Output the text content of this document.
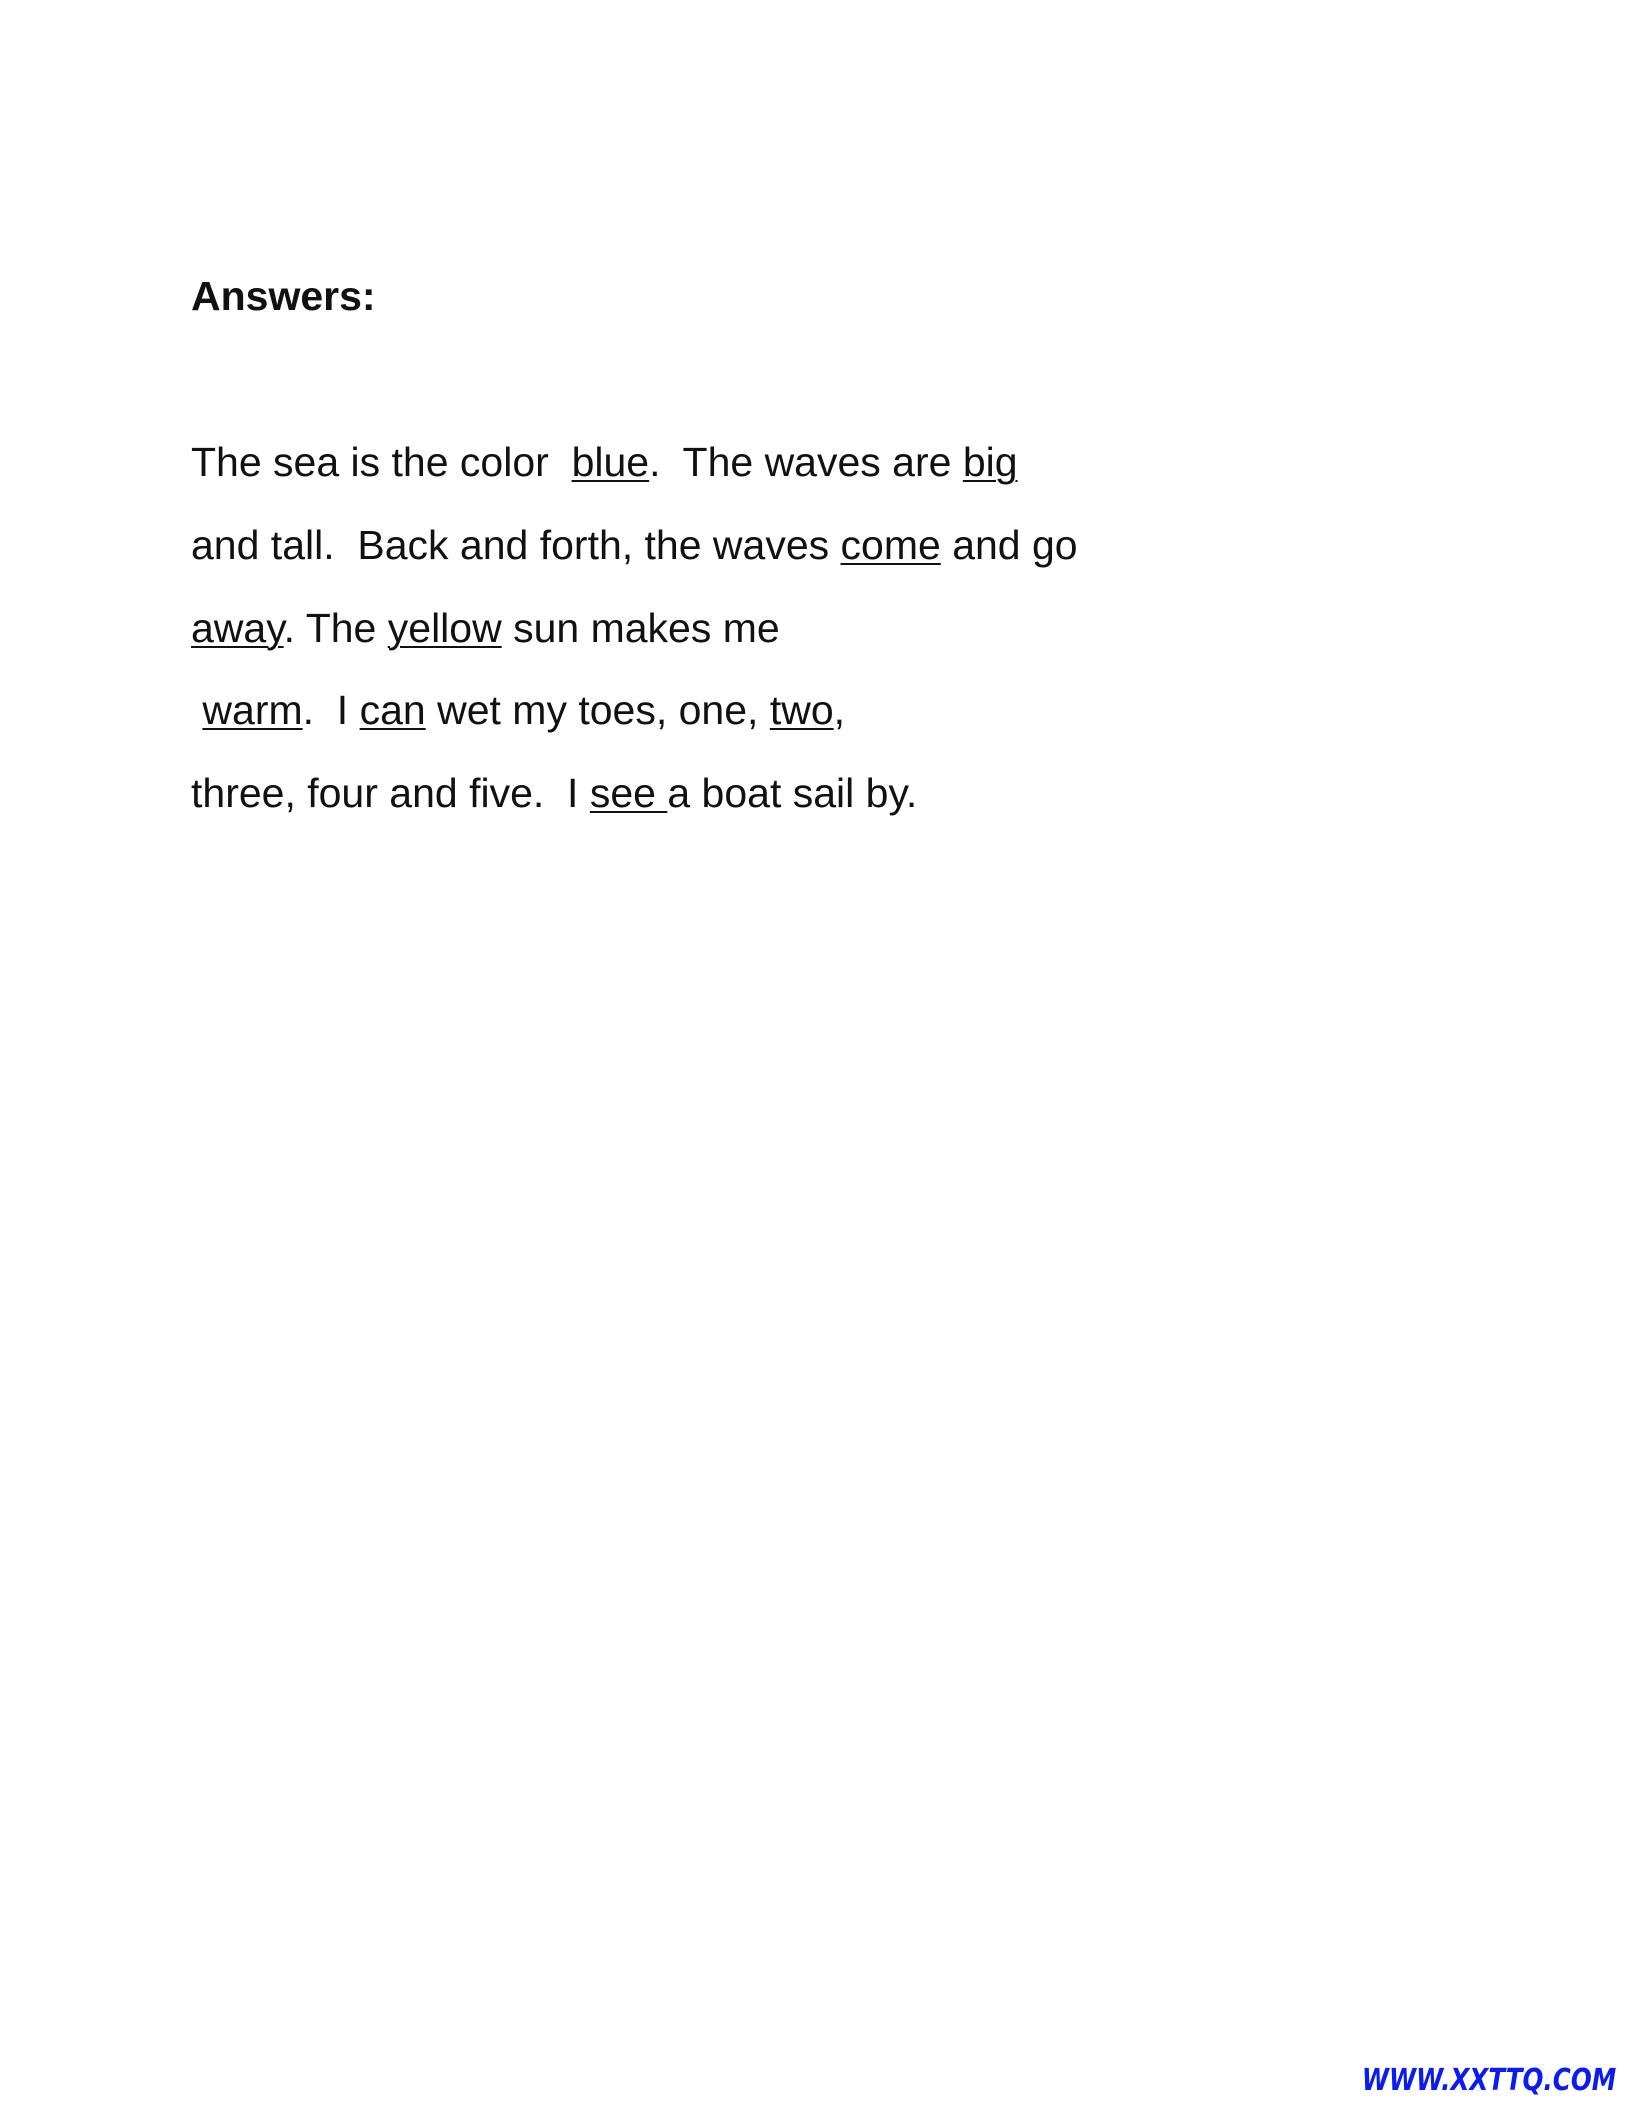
Answers:

The sea is the color  blue.  The waves are big

and tall.  Back and forth, the waves come and go

away. The yellow sun makes me

warm.  I can wet my toes, one, two,

three, four and five.  I see a boat sail by.

WWW.XXTTQ.COM
